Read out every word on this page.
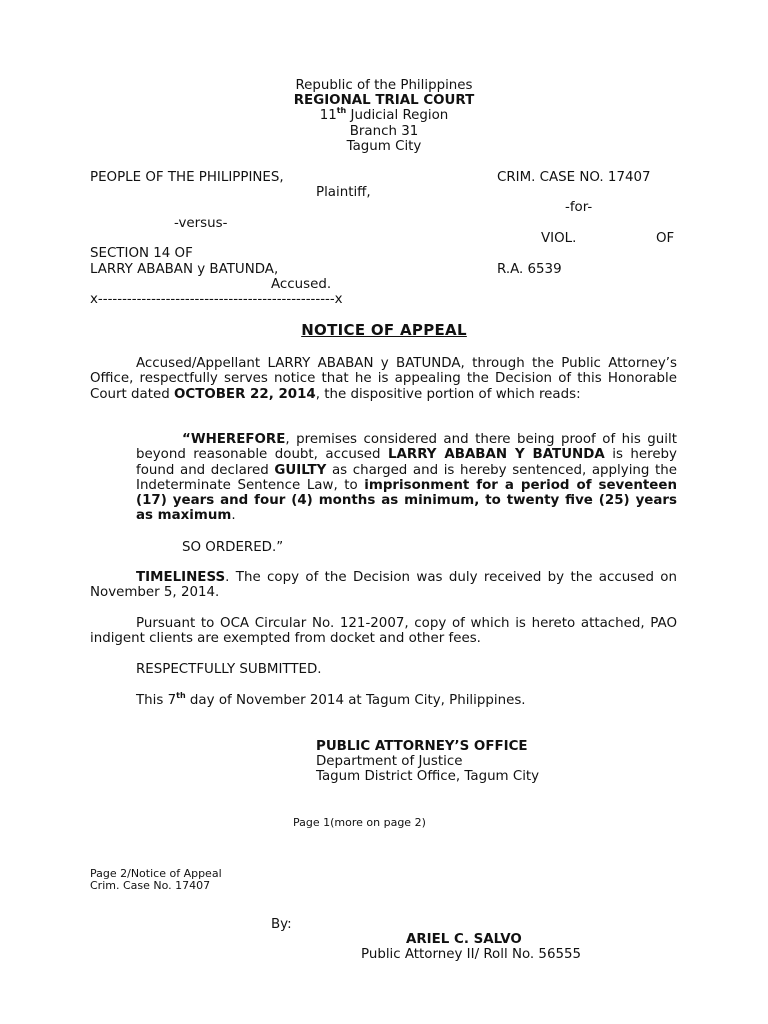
Republic of the Philippines
REGIONAL TRIAL COURT
11th Judicial Region
Branch 31
Tagum City
PEOPLE OF THE PHILIPPINES,
Plaintiff,
-versus-
SECTION 14 OF
LARRY ABABAN y BATUNDA,
Accused.
x-------------------------------------------------x
CRIM. CASE NO. 17407
-for-
VIOL.	OF
R.A. 6539
NOTICE OF APPEAL
Accused/Appellant LARRY ABABAN y BATUNDA, through the Public Attorney’s Office, respectfully serves notice that he is appealing the Decision of this Honorable Court dated OCTOBER 22, 2014, the dispositive portion of which reads:
“WHEREFORE, premises considered and there being proof of his guilt beyond reasonable doubt, accused LARRY ABABAN Y BATUNDA is hereby found and declared GUILTY as charged and is hereby sentenced, applying the Indeterminate Sentence Law, to imprisonment for a period of seventeen (17) years and four (4) months as minimum, to twenty five (25) years as maximum.
SO ORDERED.”
TIMELINESS. The copy of the Decision was duly received by the accused on November 5, 2014.
Pursuant to OCA Circular No. 121-2007, copy of which is hereto attached, PAO indigent clients are exempted from docket and other fees.
RESPECTFULLY SUBMITTED.
This 7th day of November 2014 at Tagum City, Philippines.
PUBLIC ATTORNEY’S OFFICE
Department of Justice
Tagum District Office, Tagum City
Page 1(more on page 2)
Page 2/Notice of Appeal
Crim. Case No. 17407
By:
ARIEL C. SALVO
Public Attorney II/ Roll No. 56555
